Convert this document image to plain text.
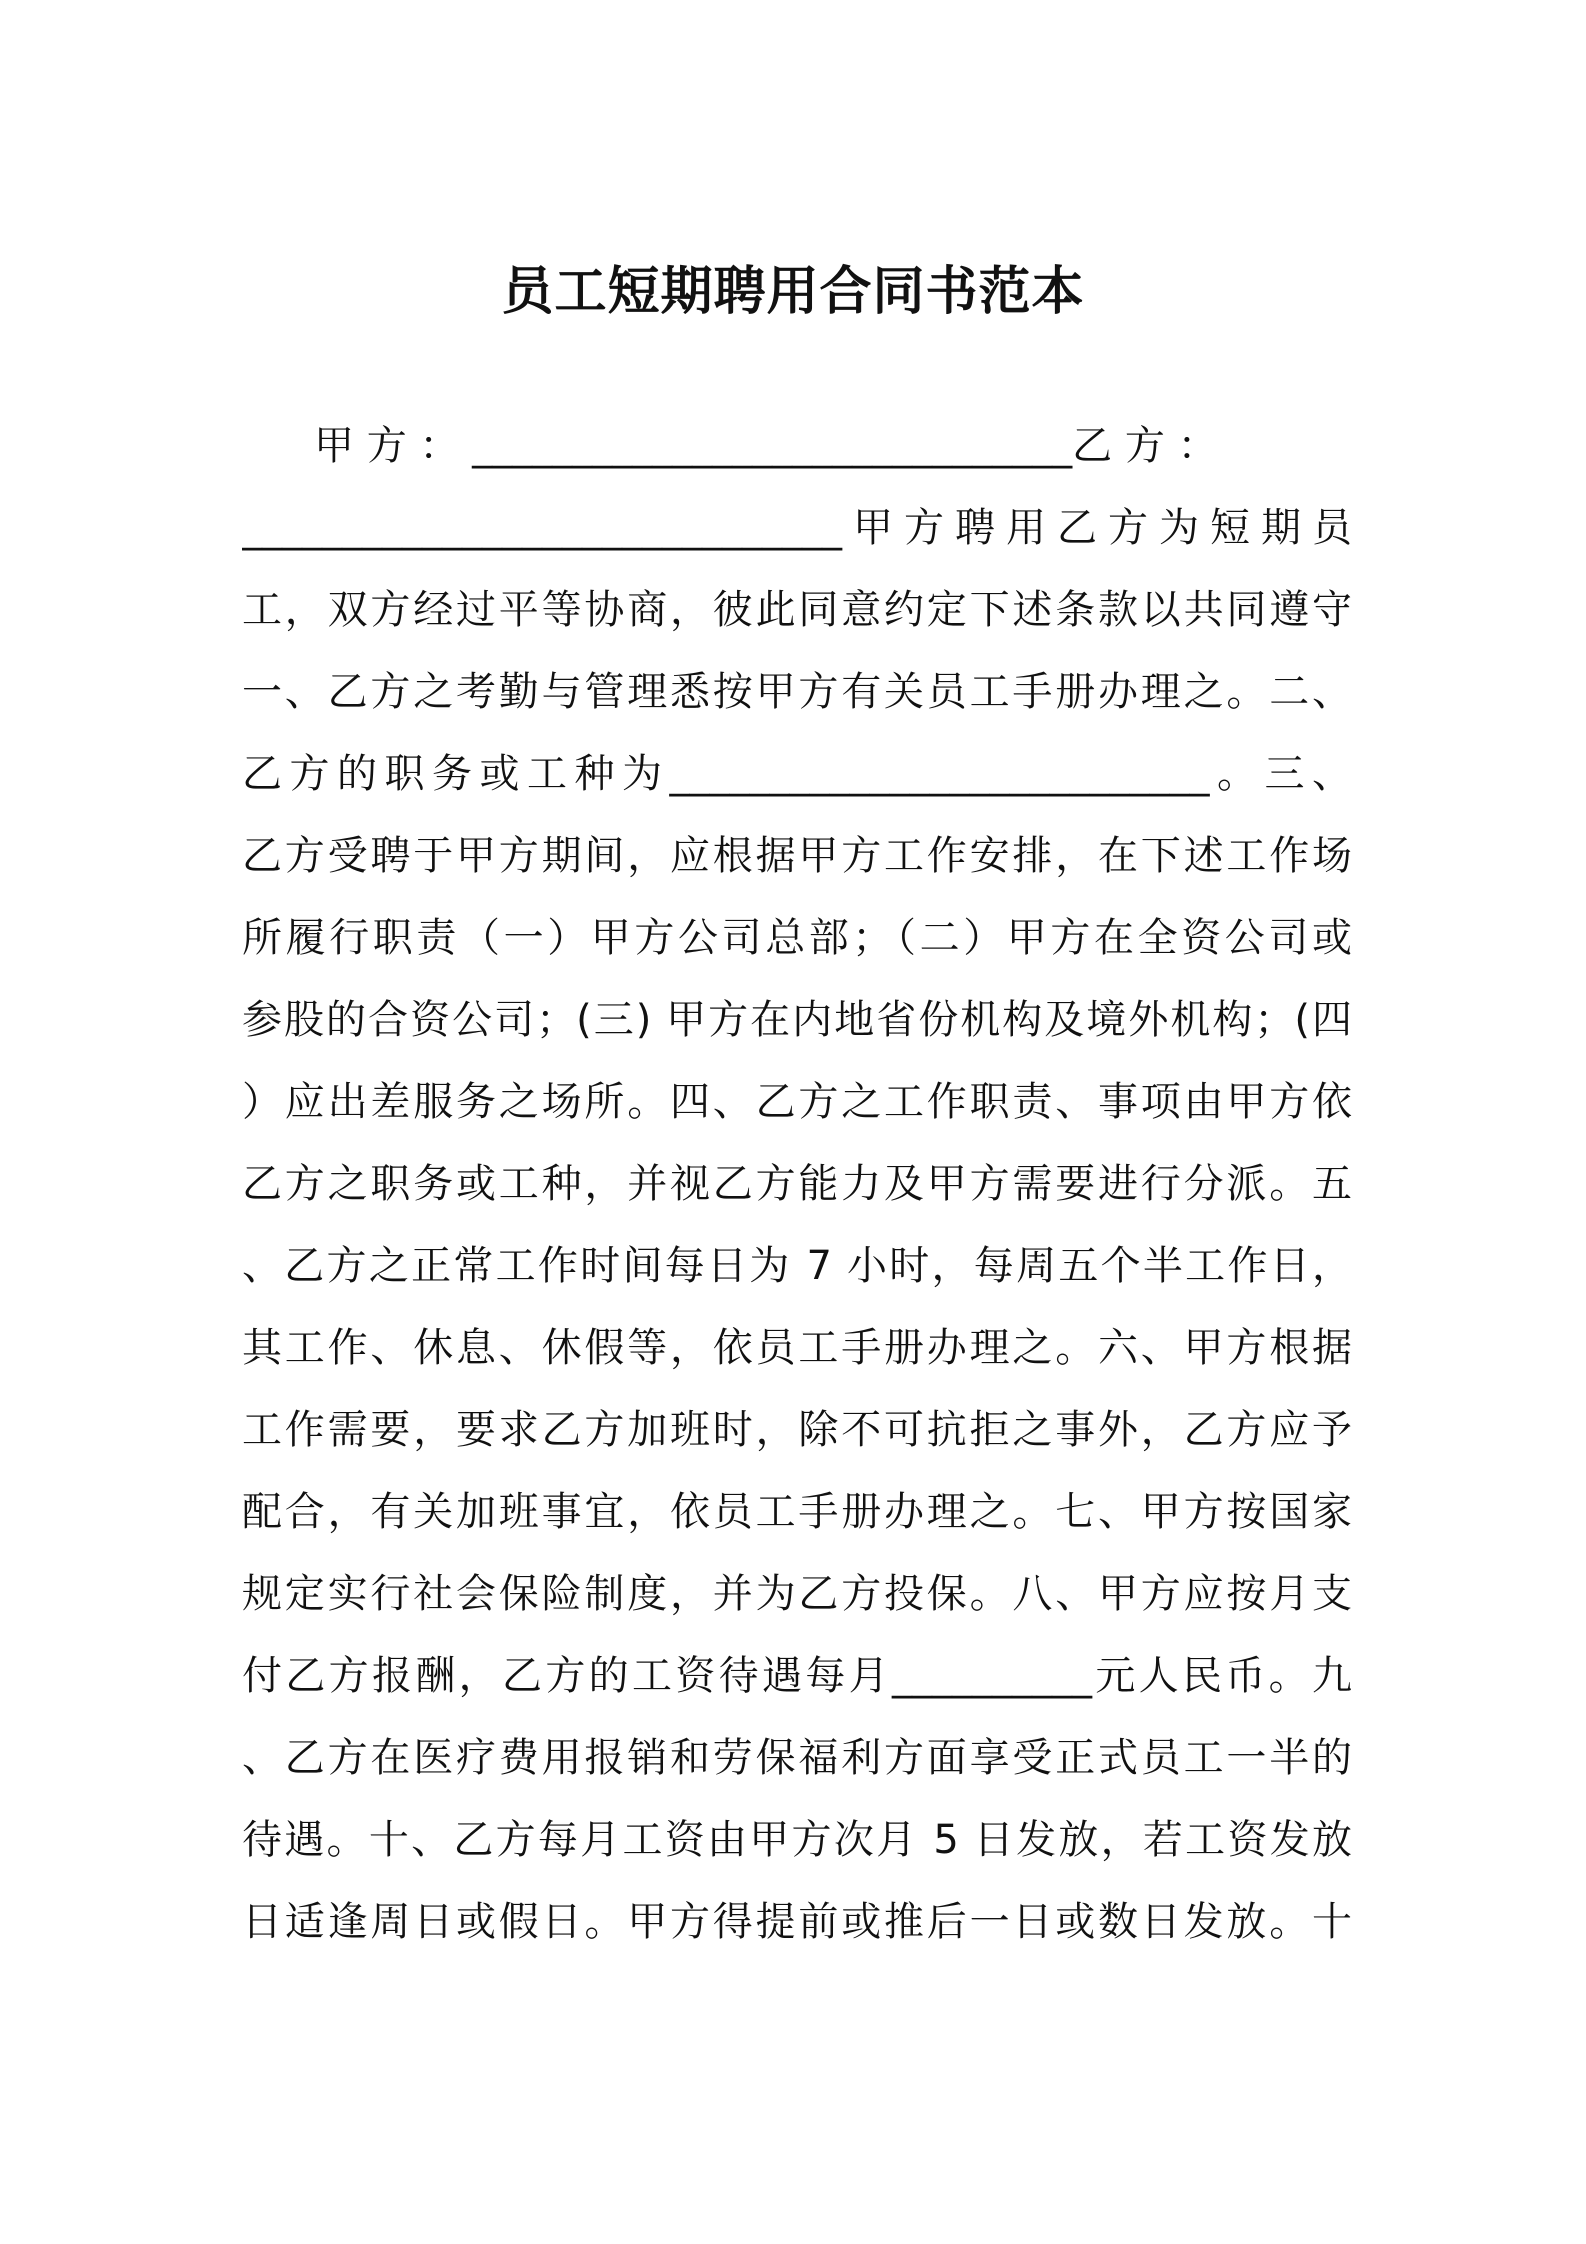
员工短期聘用合同书范本
甲 方 ： ______________________________乙 方 ：
______________________________甲方聘用乙方为短期员
工，双方经过平等协商，彼此同意约定下述条款以共同遵守
一、乙方之考勤与管理悉按甲方有关员工手册办理之。二、
乙方的职务或工种为___________________________。三、
乙方受聘于甲方期间，应根据甲方工作安排，在下述工作场
所履行职责（一）甲方公司总部；（二）甲方在全资公司或
参股的合资公司；(三) 甲方在内地省份机构及境外机构；(四
）应出差服务之场所。四、乙方之工作职责、事项由甲方依
乙方之职务或工种，并视乙方能力及甲方需要进行分派。五
、乙方之正常工作时间每日为 7 小时，每周五个半工作日，
其工作、休息、休假等，依员工手册办理之。六、甲方根据
工作需要，要求乙方加班时，除不可抗拒之事外，乙方应予
配合，有关加班事宜，依员工手册办理之。七、甲方按国家
规定实行社会保险制度，并为乙方投保。八、甲方应按月支
付乙方报酬，乙方的工资待遇每月__________元人民币。九
、乙方在医疗费用报销和劳保福利方面享受正式员工一半的
待遇。十、乙方每月工资由甲方次月 5 日发放，若工资发放
日适逢周日或假日。甲方得提前或推后一日或数日发放。十
